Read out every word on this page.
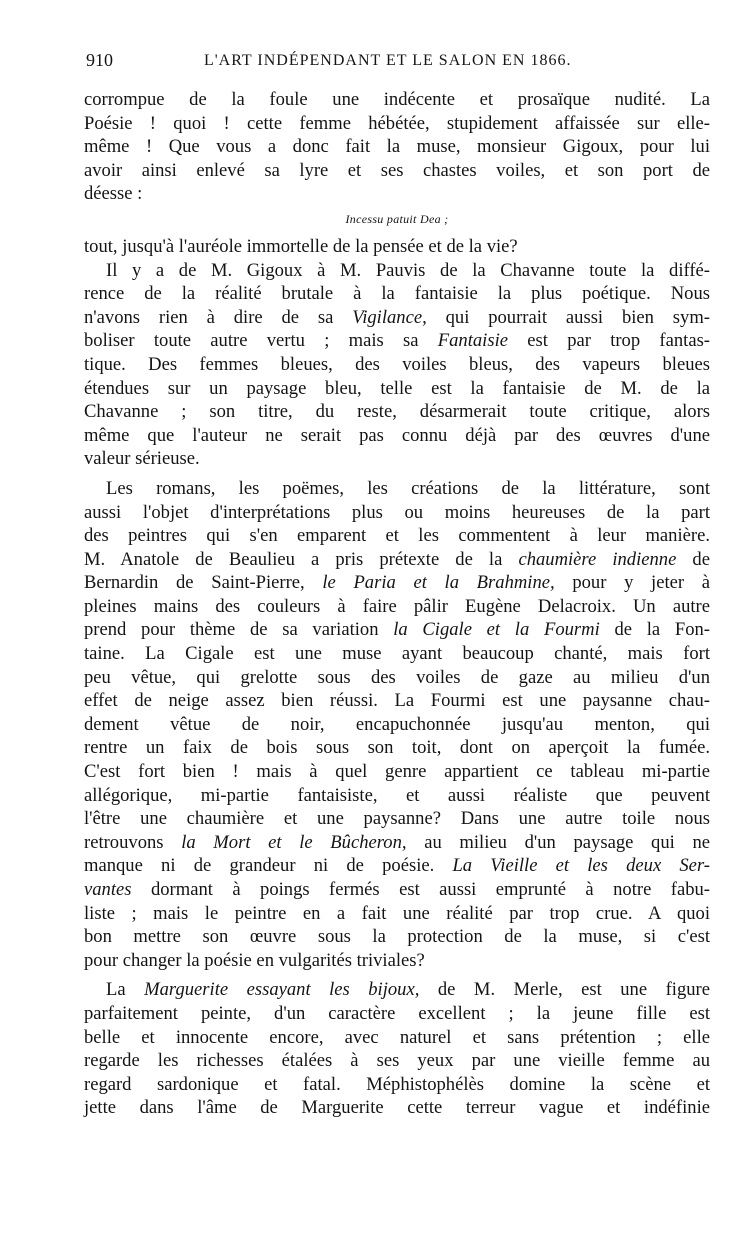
910	L'ART INDÉPENDANT ET LE SALON EN 1866.
corrompue de la foule une indécente et prosaïque nudité. La
Poésie ! quoi ! cette femme hébétée, stupidement affaissée sur elle-
même ! Que vous a donc fait la muse, monsieur Gigoux, pour lui
avoir ainsi enlevé sa lyre et ses chastes voiles, et son port de
déesse :
Incessu patuit Dea ;
tout, jusqu'à l'auréole immortelle de la pensée et de la vie?
Il y a de M. Gigoux à M. Pauvis de la Chavanne toute la diffé-
rence de la réalité brutale à la fantaisie la plus poétique. Nous
n'avons rien à dire de sa Vigilance, qui pourrait aussi bien sym-
boliser toute autre vertu ; mais sa Fantaisie est par trop fantas-
tique. Des femmes bleues, des voiles bleus, des vapeurs bleues
étendues sur un paysage bleu, telle est la fantaisie de M. de la
Chavanne ; son titre, du reste, désarmerait toute critique, alors
même que l'auteur ne serait pas connu déjà par des œuvres d'une
valeur sérieuse.
Les romans, les poëmes, les créations de la littérature, sont
aussi l'objet d'interprétations plus ou moins heureuses de la part
des peintres qui s'en emparent et les commentent à leur manière.
M. Anatole de Beaulieu a pris prétexte de la chaumière indienne de
Bernardin de Saint-Pierre, le Paria et la Brahmine, pour y jeter à
pleines mains des couleurs à faire pâlir Eugène Delacroix. Un autre
prend pour thème de sa variation la Cigale et la Fourmi de la Fon-
taine. La Cigale est une muse ayant beaucoup chanté, mais fort
peu vêtue, qui grelotte sous des voiles de gaze au milieu d'un
effet de neige assez bien réussi. La Fourmi est une paysanne chau-
dement vêtue de noir, encapuchonnée jusqu'au menton, qui
rentre un faix de bois sous son toit, dont on aperçoit la fumée.
C'est fort bien ! mais à quel genre appartient ce tableau mi-partie
allégorique, mi-partie fantaisiste, et aussi réaliste que peuvent
l'être une chaumière et une paysanne? Dans une autre toile nous
retrouvons la Mort et le Bûcheron, au milieu d'un paysage qui ne
manque ni de grandeur ni de poésie. La Vieille et les deux Ser-
vantes dormant à poings fermés est aussi emprunté à notre fabu-
liste ; mais le peintre en a fait une réalité par trop crue. A quoi
bon mettre son œuvre sous la protection de la muse, si c'est
pour changer la poésie en vulgarités triviales?
La Marguerite essayant les bijoux, de M. Merle, est une figure
parfaitement peinte, d'un caractère excellent ; la jeune fille est
belle et innocente encore, avec naturel et sans prétention ; elle
regarde les richesses étalées à ses yeux par une vieille femme au
regard sardonique et fatal. Méphistophélès domine la scène et
jette dans l'âme de Marguerite cette terreur vague et indéfinie
